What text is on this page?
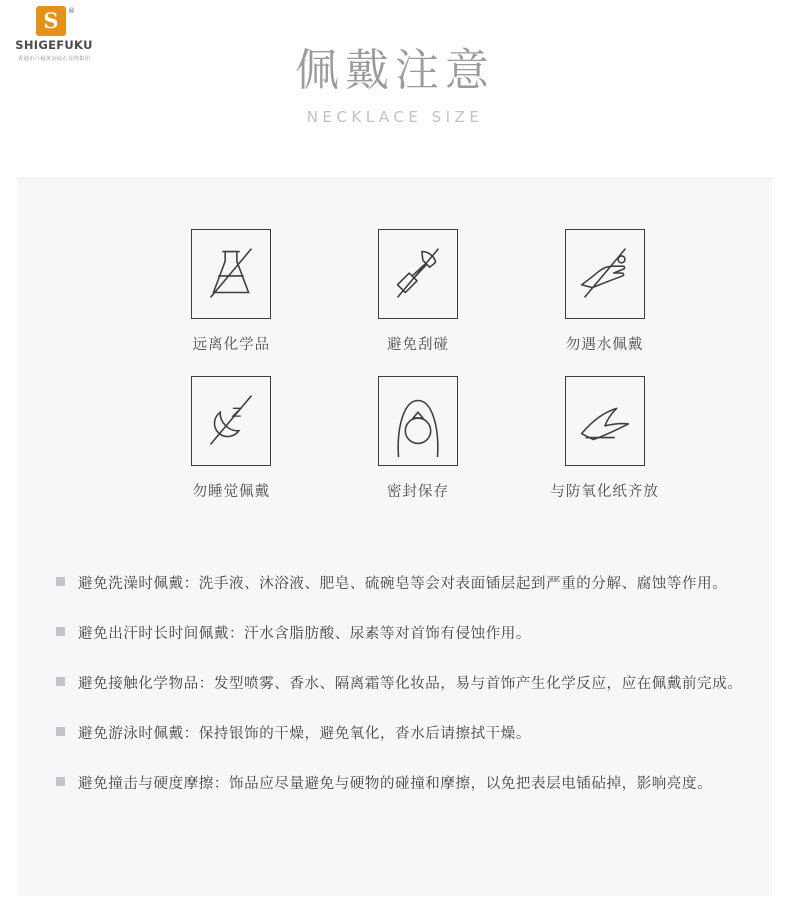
S	®
SHIGEFUKU
香港市六福黄金钻石首饰集团	佩戴注意
NECKLACE SIZE
远离化学品	避免刮碰	勿遇水佩戴
勿睡觉佩戴	密封保存	与防氧化纸齐放
避免洗澡时佩戴：洗手液、沐浴液、肥皂、硫碗皂等会对表面锸层起到严重的分解、腐蚀等作用。
避免出汗时长时间佩戴：汗水含脂肪酸、尿素等对首饰有侵蚀作用。
避免接触化学物品：发型喷雾、香水、隔离霜等化妆品，易与首饰产生化学反应，应在佩戴前完成。
避免游泳时佩戴：保持银饰的干燥，避免氧化，沓水后请擦拭干燥。
避免撞击与硬度摩擦：饰品应尽量避免与硬物的碰撞和摩擦，以免把表层电锸砧掉，影响亮度。
